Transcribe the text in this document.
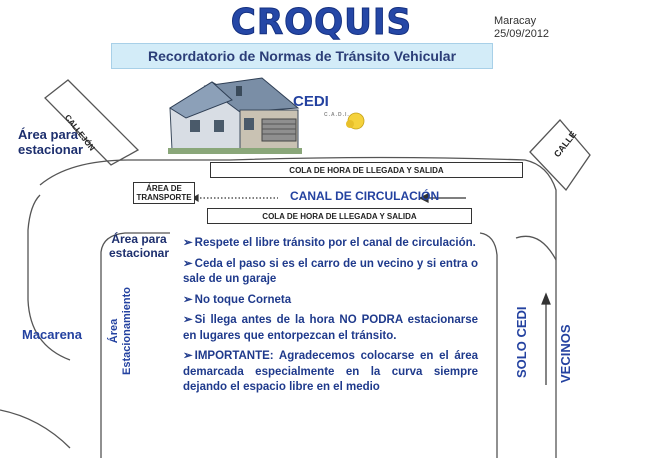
CROQUIS	Maracay
25/09/2012
Recordatorio de Normas de Tránsito Vehicular
CEDI
C.A.D.I.
CALLEJÓN	CALLE
Área para
estacionar
COLA DE HORA DE LLEGADA Y SALIDA
ÁREA DE
TRANSPORTE	CANAL DE CIRCULACIÓN
COLA DE HORA DE LLEGADA Y SALIDA
Área para
estacionar
Macarena Área Estacionamiento	SOLO CEDI VECINOS
➢ Respete el libre tránsito por el canal de circulación.
➢ Ceda el paso si es el carro de un vecino y si entra o sale de un garaje
➢ No toque Corneta
➢ Si llega antes de la hora NO PODRA estacionarse en lugares que entorpezcan el tránsito.
➢ IMPORTANTE: Agradecemos colocarse en el área demarcada especialmente en la curva siempre dejando el espacio libre en el medio
